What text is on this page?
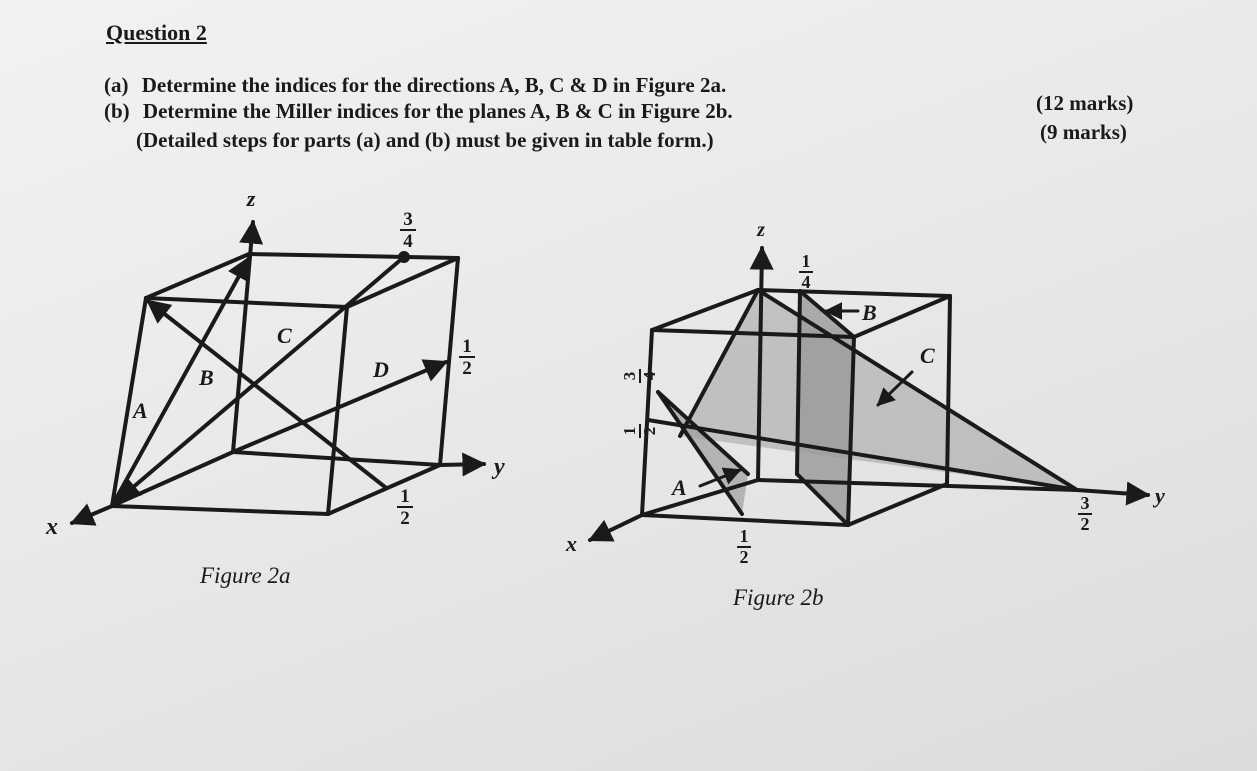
Question 2
(a) Determine the indices for the directions A, B, C & D in Figure 2a.
(12 marks)
(b) Determine the Miller indices for the planes A, B & C in Figure 2b.
(9 marks)
(Detailed steps for parts (a) and (b) must be given in table form.)
z
y
x
A
B
C
D
3
4
1
2
1
2
z
y
x
A
B
C
1
4
3 4
1 2
1
2
3
2
Figure 2a
Figure 2b
